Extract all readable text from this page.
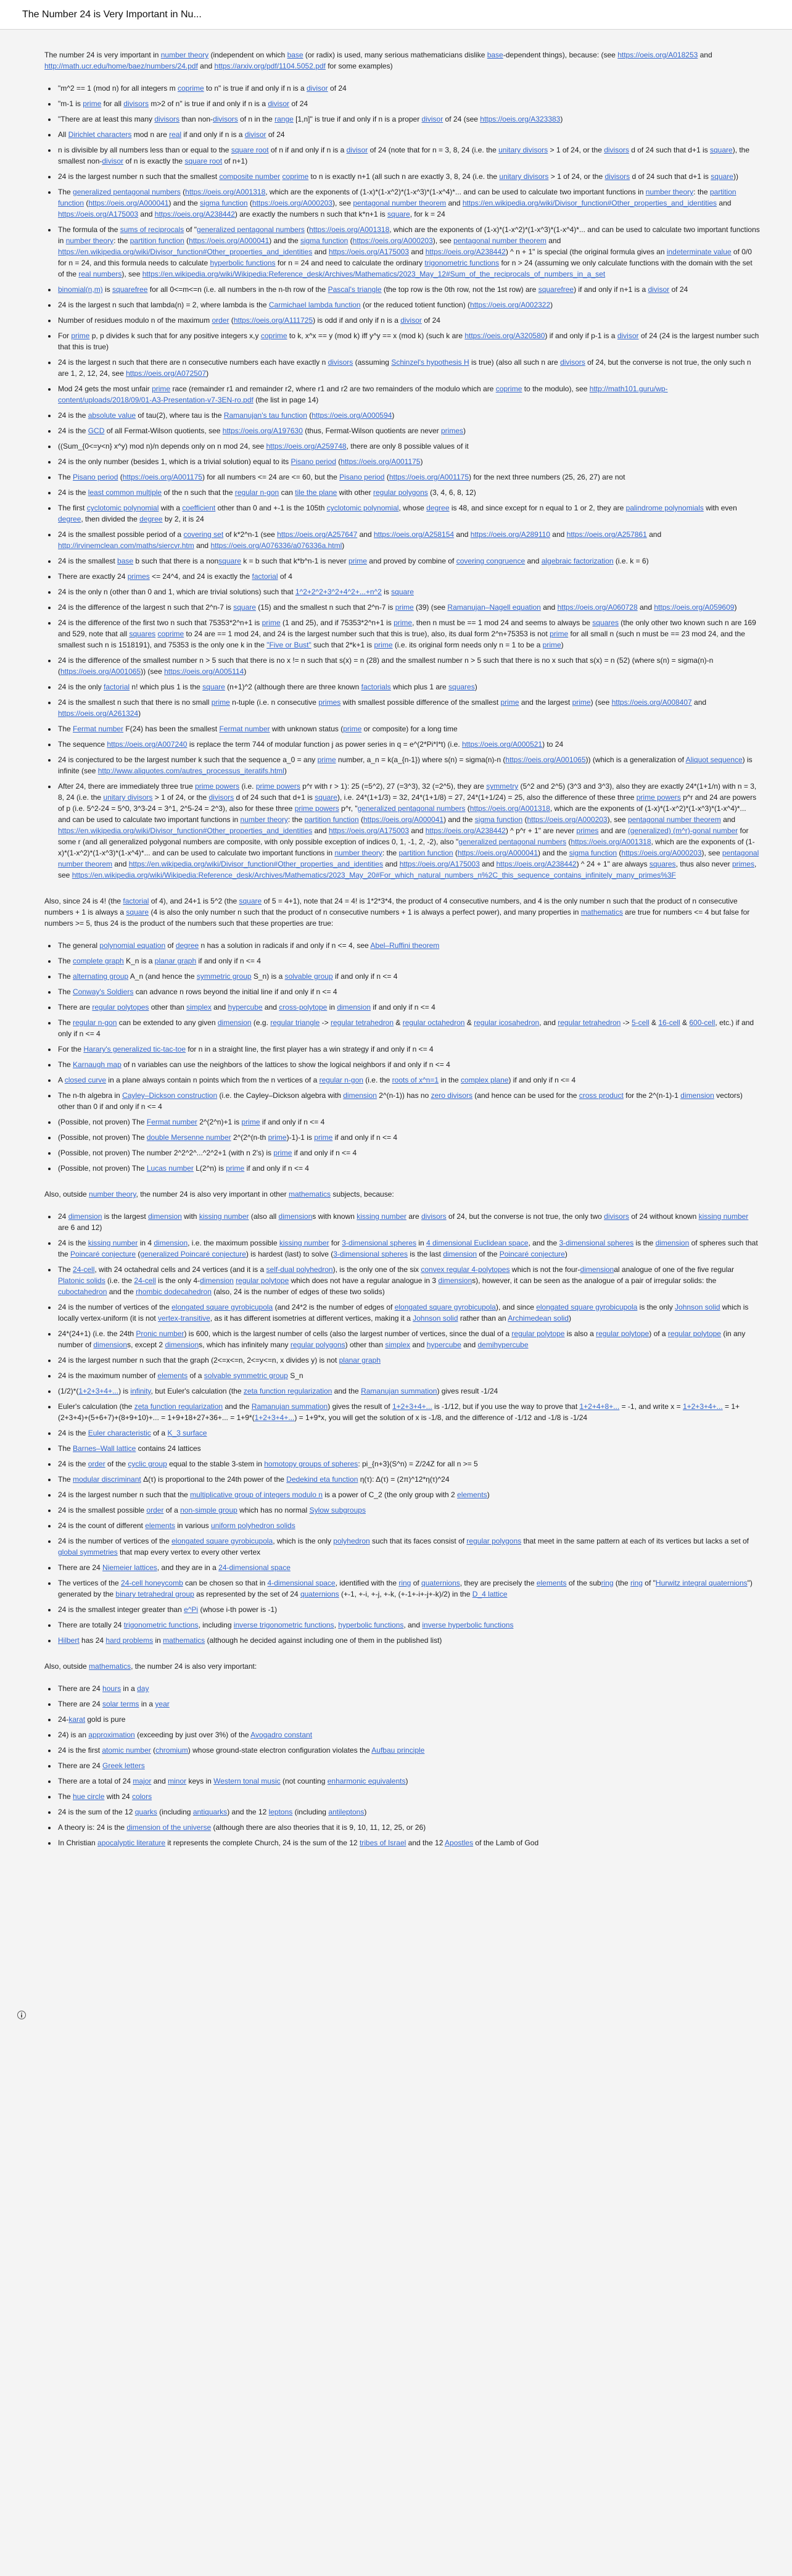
The Number 24 is Very Important in Nu...

The number 24 is very important in number theory (independent on which base (or radix) is used, many serious mathematicians dislike base-dependent things), because: (see https://oeis.org/A018253 and http://math.ucr.edu/home/baez/numbers/24.pdf and https://arxiv.org/pdf/1104.5052.pdf for some examples)

• "m^2 == 1 (mod n) for all integers m coprime to n" is true if and only if n is a divisor of 24
• "m-1 is prime for all divisors m>2 of n" is true if and only if n is a divisor of 24
• "There are at least this many divisors than non-divisors of n in the range [1,n]" is true if and only if n is a proper divisor of 24 (see https://oeis.org/A323383)
• All Dirichlet characters mod n are real if and only if n is a divisor of 24
• n is divisible by all numbers less than or equal to the square root of n if and only if n is a divisor of 24 (note that for n = 3, 8, 24 (i.e. the unitary divisors > 1 of 24, or the divisors d of 24 such that d+1 is square), the smallest non-divisor of n is exactly the square root of n+1)
• 24 is the largest number n such that the smallest composite number coprime to n is exactly n+1 (all such n are exactly 3, 8, 24 (i.e. the unitary divisors > 1 of 24, or the divisors d of 24 such that d+1 is square))
• The generalized pentagonal numbers (https://oeis.org/A001318, which are the exponents of (1-x)*(1-x^2)*(1-x^3)*(1-x^4)*... and can be used to calculate two important functions in number theory: the partition function (https://oeis.org/A000041) and the sigma function (https://oeis.org/A000203), see pentagonal number theorem and https://en.wikipedia.org/wiki/Divisor_function#Other_properties_and_identities and https://oeis.org/A175003 and https://oeis.org/A238442) are exactly the numbers n such that k*n+1 is square, for k = 24
• The formula of the sums of reciprocals of "generalized pentagonal numbers (https://oeis.org/A001318, which are the exponents of (1-x)*(1-x^2)*(1-x^3)*(1-x^4)*... and can be used to calculate two important functions in number theory: the partition function (https://oeis.org/A000041) and the sigma function (https://oeis.org/A000203), see pentagonal number theorem and https://en.wikipedia.org/wiki/Divisor_function#Other_properties_and_identities and https://oeis.org/A175003 and https://oeis.org/A238442) ^ n + 1" is special (the original formula gives an indeterminate value of 0/0 for n = 24, and this formula needs to calculate hyperbolic functions for n = 24 and need to calculate the ordinary trigonometric functions for n > 24 (assuming we only calculate functions with the domain with the set of the real numbers), see https://en.wikipedia.org/wiki/Wikipedia:Reference_desk/Archives/Mathematics/2023_May_12#Sum_of_the_reciprocals_of_numbers_in_a_set
• binomial(n,m) is squarefree for all 0<=m<=n (i.e. all numbers in the n-th row of the Pascal's triangle (the top row is the 0th row, not the 1st row) are squarefree) if and only if n+1 is a divisor of 24
• 24 is the largest n such that lambda(n) = 2, where lambda is the Carmichael lambda function (or the reduced totient function) (https://oeis.org/A002322)
• Number of residues modulo n of the maximum order (https://oeis.org/A111725) is odd if and only if n is a divisor of 24
• For prime p, p divides k such that for any positive integers x,y coprime to k, x^x == y (mod k) iff y^y == x (mod k) (such k are https://oeis.org/A320580) if and only if p-1 is a divisor of 24 (24 is the largest number such that this is true)
• 24 is the largest n such that there are n consecutive numbers each have exactly n divisors (assuming Schinzel's hypothesis H is true) (also all such n are divisors of 24, but the converse is not true, the only such n are 1, 2, 12, 24, see https://oeis.org/A072507)
• Mod 24 gets the most unfair prime race (remainder r1 and remainder r2, where r1 and r2 are two remainders of the modulo which are coprime to the modulo), see http://math101.guru/wp-content/uploads/2018/09/01-A3-Presentation-v7-3EN-ro.pdf (the list in page 14)
• 24 is the absolute value of tau(2), where tau is the Ramanujan's tau function (https://oeis.org/A000594)
• 24 is the GCD of all Fermat-Wilson quotients, see https://oeis.org/A197630 (thus, Fermat-Wilson quotients are never primes)
• ((Sum_{0<=y<n} x^y) mod n)/n depends only on n mod 24, see https://oeis.org/A259748, there are only 8 possible values of it
• 24 is the only number (besides 1, which is a trivial solution) equal to its Pisano period (https://oeis.org/A001175)
• The Pisano period (https://oeis.org/A001175) for all numbers <= 24 are <= 60, but the Pisano period (https://oeis.org/A001175) for the next three numbers (25, 26, 27) are not
• 24 is the least common multiple of the n such that the regular n-gon can tile the plane with other regular polygons (3, 4, 6, 8, 12)
• The first cyclotomic polynomial with a coefficient other than 0 and +-1 is the 105th cyclotomic polynomial, whose degree is 48, and since except for n equal to 1 or 2, they are palindrome polynomials with even degree, then divided the degree by 2, it is 24
• 24 is the smallest possible period of a covering set of k*2^n-1 (see https://oeis.org/A257647 and https://oeis.org/A258154 and https://oeis.org/A289110 and https://oeis.org/A257861 and http://irvinemclean.com/maths/siercvr.htm and https://oeis.org/A076336/a076336a.html)
• 24 is the smallest base b such that there is a nonsquare k = b such that k*b^n-1 is never prime and proved by combine of covering congruence and algebraic factorization (i.e. k = 6)
• There are exactly 24 primes <= 24^4, and 24 is exactly the factorial of 4
• 24 is the only n (other than 0 and 1, which are trivial solutions) such that 1^2+2^2+3^2+4^2+...+n^2 is square
• 24 is the difference of the largest n such that 2^n-7 is square (15) and the smallest n such that 2^n-7 is prime (39) (see Ramanujan–Nagell equation and https://oeis.org/A060728 and https://oeis.org/A059609)
• 24 is the difference of the first two n such that 75353*2^n+1 is prime (1 and 25), and if 75353*2^n+1 is prime, then n must be == 1 mod 24 and seems to always be squares (the only other two known such n are 169 and 529, note that all squares coprime to 24 are == 1 mod 24, and 24 is the largest number such that this is true), also, its dual form 2^n+75353 is not prime for all small n (such n must be == 23 mod 24, and the smallest such n is 1518191), and 75353 is the only one k in the "Five or Bust" such that 2*k+1 is prime (i.e. its original form needs only n = 1 to be a prime)
• 24 is the difference of the smallest number n > 5 such that there is no x != n such that s(x) = n (28) and the smallest number n > 5 such that there is no x such that s(x) = n (52) (where s(n) = sigma(n)-n (https://oeis.org/A001065)) (see https://oeis.org/A005114)
• 24 is the only factorial n! which plus 1 is the square (n+1)^2 (although there are three known factorials which plus 1 are squares)
• 24 is the smallest n such that there is no small prime n-tuple (i.e. n consecutive primes with smallest possible difference of the smallest prime and the largest prime) (see https://oeis.org/A008407 and https://oeis.org/A261324)
• The Fermat number F(24) has been the smallest Fermat number with unknown status (prime or composite) for a long time
• The sequence https://oeis.org/A007240 is replace the term 744 of modular function j as power series in q = e^(2*Pi*I*t) (i.e. https://oeis.org/A000521) to 24
• 24 is conjectured to be the largest number k such that the sequence a_0 = any prime number, a_n = k(a_{n-1}) where s(n) = sigma(n)-n (https://oeis.org/A001065)) (which is a generalization of Aliquot sequence) is infinite (see http://www.aliquotes.com/autres_processus_iteratifs.html)
• After 24, there are immediately three true prime powers (i.e. prime powers p^r with r > 1): 25 (=5^2), 27 (=3^3), 32 (=2^5), they are symmetry (5^2 and 2^5) (3^3 and 3^3), also they are exactly 24*(1+1/n) with n = 3, 8, 24 (i.e. the unitary divisors > 1 of 24, or the divisors d of 24 such that d+1 is square), i.e. 24*(1+1/3) = 32, 24*(1+1/8) = 27, 24*(1+1/24) = 25, also the difference of these three prime powers p^r and 24 are powers of p (i.e. 5^2-24 = 5^0, 3^3-24 = 3^1, 2^5-24 = 2^3), also for these three prime powers p^r, "generalized pentagonal numbers (https://oeis.org/A001318, which are the exponents of (1-x)*(1-x^2)*(1-x^3)*(1-x^4)*... and can be used to calculate two important functions in number theory: the partition function (https://oeis.org/A000041) and the sigma function (https://oeis.org/A000203), see pentagonal number theorem and https://en.wikipedia.org/wiki/Divisor_function#Other_properties_and_identities and https://oeis.org/A175003 and https://oeis.org/A238442) ^ p^r + 1" are never primes and are (generalized) (m^r)-gonal number for some r (and all generalized polygonal numbers are composite, with only possible exception of indices 0, 1, -1, 2, -2), also "generalized pentagonal numbers (https://oeis.org/A001318, which are the exponents of (1-x)*(1-x^2)*(1-x^3)*(1-x^4)*... and can be used to calculate two important functions in number theory: the partition function (https://oeis.org/A000041) and the sigma function (https://oeis.org/A000203), see pentagonal number theorem and https://en.wikipedia.org/wiki/Divisor_function#Other_properties_and_identities and https://oeis.org/A175003 and https://oeis.org/A238442) ^ 24 + 1" are always squares, thus also never primes, see https://en.wikipedia.org/wiki/Wikipedia:Reference_desk/Archives/Mathematics/2023_May_20#For_which_natural_numbers_n%2C_this_sequence_contains_infinitely_many_primes%3F

Also, since 24 is 4! (the factorial of 4), and 24+1 is 5^2 (the square of 5 = 4+1), note that 24 = 4! is 1*2*3*4, the product of 4 consecutive numbers, and 4 is the only number n such that the product of n consecutive numbers + 1 is always a square (4 is also the only number n such that the product of n consecutive numbers + 1 is always a perfect power), and many properties in mathematics are true for numbers <= 4 but false for numbers >= 5, thus 24 is the product of the numbers such that these properties are true:

• The general polynomial equation of degree n has a solution in radicals if and only if n <= 4, see Abel–Ruffini theorem
• The complete graph K_n is a planar graph if and only if n <= 4
• The alternating group A_n (and hence the symmetric group S_n) is a solvable group if and only if n <= 4
• The Conway's Soldiers can advance n rows beyond the initial line if and only if n <= 4
• There are regular polytopes other than simplex and hypercube and cross-polytope in dimension if and only if n <= 4
• The regular n-gon can be extended to any given dimension (e.g. regular triangle -> regular tetrahedron & regular octahedron & regular icosahedron, and regular tetrahedron -> 5-cell & 16-cell & 600-cell, etc.) if and only if n <= 4
• For the Harary's generalized tic-tac-toe for n in a straight line, the first player has a win strategy if and only if n <= 4
• The Karnaugh map of n variables can use the neighbors of the lattices to show the logical neighbors if and only if n <= 4
• A closed curve in a plane always contain n points which from the n vertices of a regular n-gon (i.e. the roots of x^n=1 in the complex plane) if and only if n <= 4
• The n-th algebra in Cayley–Dickson construction (i.e. the Cayley–Dickson algebra with dimension 2^(n-1)) has no zero divisors (and hence can be used for the cross product for the 2^(n-1)-1 dimension vectors) other than 0 if and only if n <= 4
• (Possible, not proven) The Fermat number 2^(2^n)+1 is prime if and only if n <= 4
• (Possible, not proven) The double Mersenne number 2^(2^(n-th prime)-1)-1 is prime if and only if n <= 4
• (Possible, not proven) The number 2^2^2^...^2^2+1 (with n 2's) is prime if and only if n <= 4
• (Possible, not proven) The Lucas number L(2^n) is prime if and only if n <= 4

Also, outside number theory, the number 24 is also very important in other mathematics subjects, because:

• 24 dimension is the largest dimension with kissing number (also all dimensions with known kissing number are divisors of 24, but the converse is not true, the only two divisors of 24 without known kissing number are 6 and 12)
• 24 is the kissing number in 4 dimension, i.e. the maximum possible kissing number for 3-dimensional spheres in 4 dimensional Euclidean space, and the 3-dimensional spheres is the dimension of spheres such that the Poincaré conjecture (generalized Poincaré conjecture) is hardest (last) to solve (3-dimensional spheres is the last dimension of the Poincaré conjecture)
• The 24-cell, with 24 octahedral cells and 24 vertices (and it is a self-dual polyhedron), is the only one of the six convex regular 4-polytopes which is not the four-dimensional analogue of one of the five regular Platonic solids (i.e. the 24-cell is the only 4-dimension regular polytope which does not have a regular analogue in 3 dimensions), however, it can be seen as the analogue of a pair of irregular solids: the cuboctahedron and the rhombic dodecahedron (also, 24 is the number of edges of these two solids)
• 24 is the number of vertices of the elongated square gyrobicupola (and 24*2 is the number of edges of elongated square gyrobicupola), and since elongated square gyrobicupola is the only Johnson solid which is locally vertex-uniform (it is not vertex-transitive, as it has different isometries at different vertices, making it a Johnson solid rather than an Archimedean solid)
• 24*(24+1) (i.e. the 24th Pronic number) is 600, which is the largest number of cells (also the largest number of vertices, since the dual of a regular polytope is also a regular polytope) of a regular polytope (in any number of dimensions, except 2 dimensions, which has infinitely many regular polygons) other than simplex and hypercube and demihypercube
• 24 is the largest number n such that the graph (2<=x<=n, 2<=y<=n, x divides y) is not planar graph
• 24 is the maximum number of elements of a solvable symmetric group S_n
• (1/2)*(1+2+3+4+...) is infinity, but Euler's calculation (the zeta function regularization and the Ramanujan summation) gives result -1/24
• Euler's calculation (the zeta function regularization and the Ramanujan summation) gives the result of 1+2+3+4+... is -1/12, but if you use the way to prove that 1+2+4+8+... = -1, and write x = 1+2+3+4+... = 1+(2+3+4)+(5+6+7)+(8+9+10)+... = 1+9+18+27+36+... = 1+9*(1+2+3+4+...) = 1+9*x, you will get the solution of x is -1/8, and the difference of -1/12 and -1/8 is -1/24
• 24 is the Euler characteristic of a K_3 surface
• The Barnes–Wall lattice contains 24 lattices
• 24 is the order of the cyclic group equal to the stable 3-stem in homotopy groups of spheres: pi_{n+3}(S^n) = Z/24Z for all n >= 5
• The modular discriminant Δ(τ) is proportional to the 24th power of the Dedekind eta function η(τ): Δ(τ) = (2π)^12*η(τ)^24
• 24 is the largest number n such that the multiplicative group of integers modulo n is a power of C_2 (the only group with 2 elements)
• 24 is the smallest possible order of a non-simple group which has no normal Sylow subgroups
• 24 is the count of different elements in various uniform polyhedron solids
• 24 is the number of vertices of the elongated square gyrobicupola, which is the only polyhedron such that its faces consist of regular polygons that meet in the same pattern at each of its vertices but lacks a set of global symmetries that map every vertex to every other vertex
• There are 24 Niemeier lattices, and they are in a 24-dimensional space
• The vertices of the 24-cell honeycomb can be chosen so that in 4-dimensional space, identified with the ring of quaternions, they are precisely the elements of the subring (the ring of "Hurwitz integral quaternions") generated by the binary tetrahedral group as represented by the set of 24 quaternions (+-1, +-i, +-j, +-k, (+-1+-i+-j+-k)/2) in the D_4 lattice
• 24 is the smallest integer greater than e^Pi (whose i-th power is -1)
• There are totally 24 trigonometric functions, including inverse trigonometric functions, hyperbolic functions, and inverse hyperbolic functions
• Hilbert has 24 hard problems in mathematics (although he decided against including one of them in the published list)

Also, outside mathematics, the number 24 is also very important:

• There are 24 hours in a day
• There are 24 solar terms in a year
• 24-karat gold is pure
• 24) is an approximation (exceeding by just over 3%) of the Avogadro constant
• 24 is the first atomic number (chromium) whose ground-state electron configuration violates the Aufbau principle
• There are 24 Greek letters
• There are a total of 24 major and minor keys in Western tonal music (not counting enharmonic equivalents)
• The hue circle with 24 colors
• 24 is the sum of the 12 quarks (including antiquarks) and the 12 leptons (including antileptons)
• A theory is: 24 is the dimension of the universe (although there are also theories that it is 9, 10, 11, 12, 25, or 26)
• In Christian apocalyptic literature it represents the complete Church, 24 is the sum of the 12 tribes of Israel and the 12 Apostles of the Lamb of God
